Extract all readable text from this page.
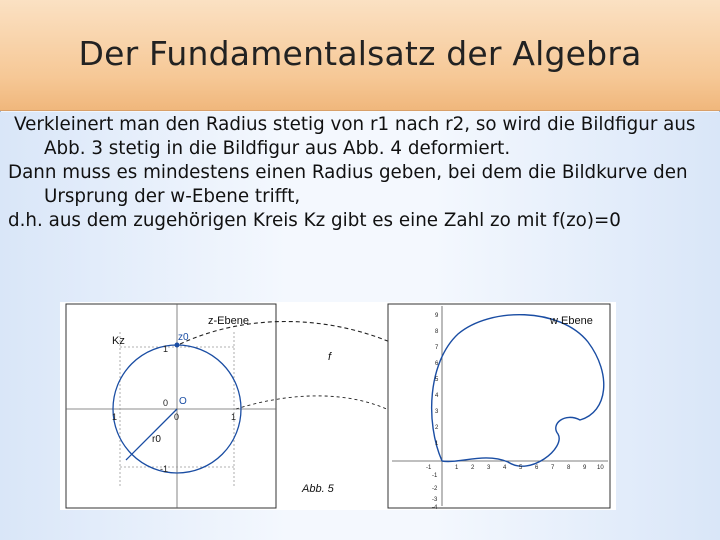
Der Fundamentalsatz der Algebra

Verkleinert man den Radius stetig von r1 nach r2, so wird die Bildfigur aus Abb. 3 stetig in die Bildfigur aus Abb. 4 deformiert.

Dann muss es mindestens einen Radius geben, bei dem die Bildkurve den Ursprung der w-Ebene trifft,

d.h. aus dem zugehörigen Kreis Kz gibt es eine Zahl zo mit f(zo)=0

z-Ebene
Kz	z0
O
r0
1
0
-1
1	0	1
Abb. 5
f
w Ebene
-1	1 2 3 4 5 6 7 8 9 10
9
8
7
6
5
4
3
2
1
-1
-2
-3
-4
